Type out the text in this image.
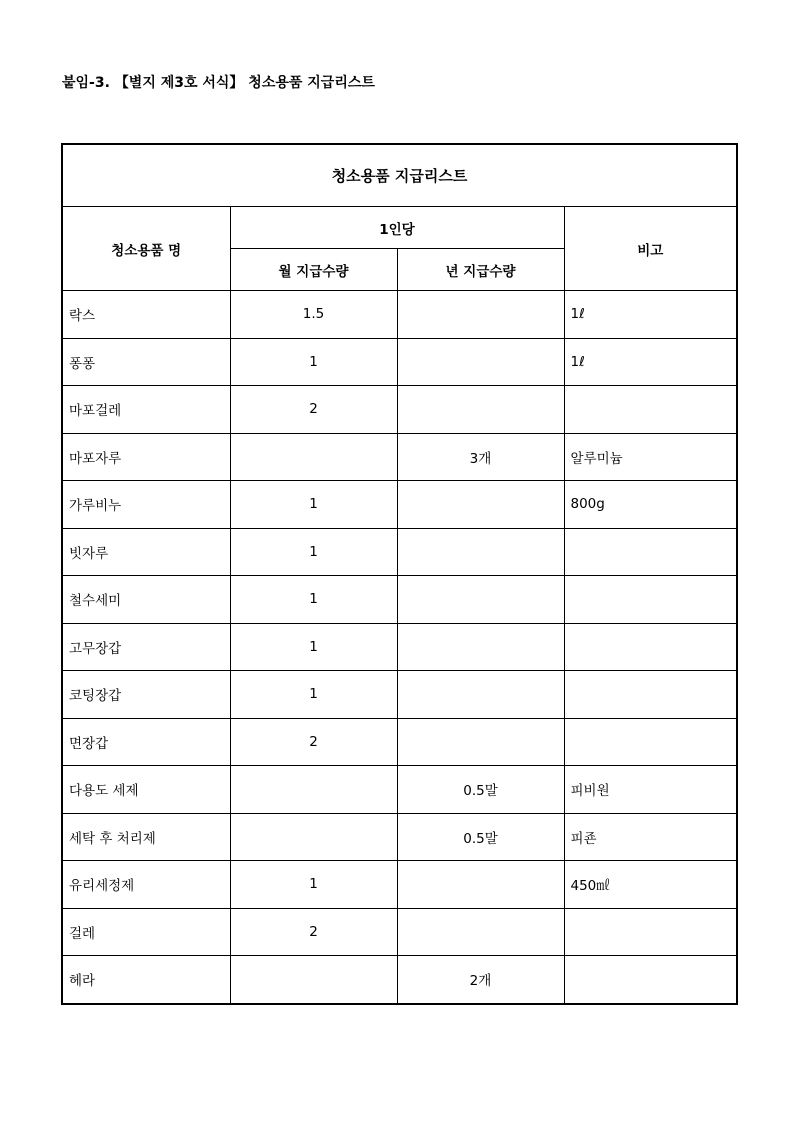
붙임-3. 【별지 제3호 서식】 청소용품 지급리스트
청소용품 지급리스트			
청소용품 명	1인당		비고
	월 지급수량	년 지급수량	
락스	1.5		1ℓ
퐁퐁	1		1ℓ
마포걸레	2		
마포자루		3개	알루미늄
가루비누	1		800g
빗자루	1		
철수세미	1		
고무장갑	1		
코팅장갑	1		
면장갑	2		
다용도 세제		0.5말	피비원
세탁 후 처리제		0.5말	피죤
유리세정제	1		450㎖
걸레	2		
헤라		2개	
